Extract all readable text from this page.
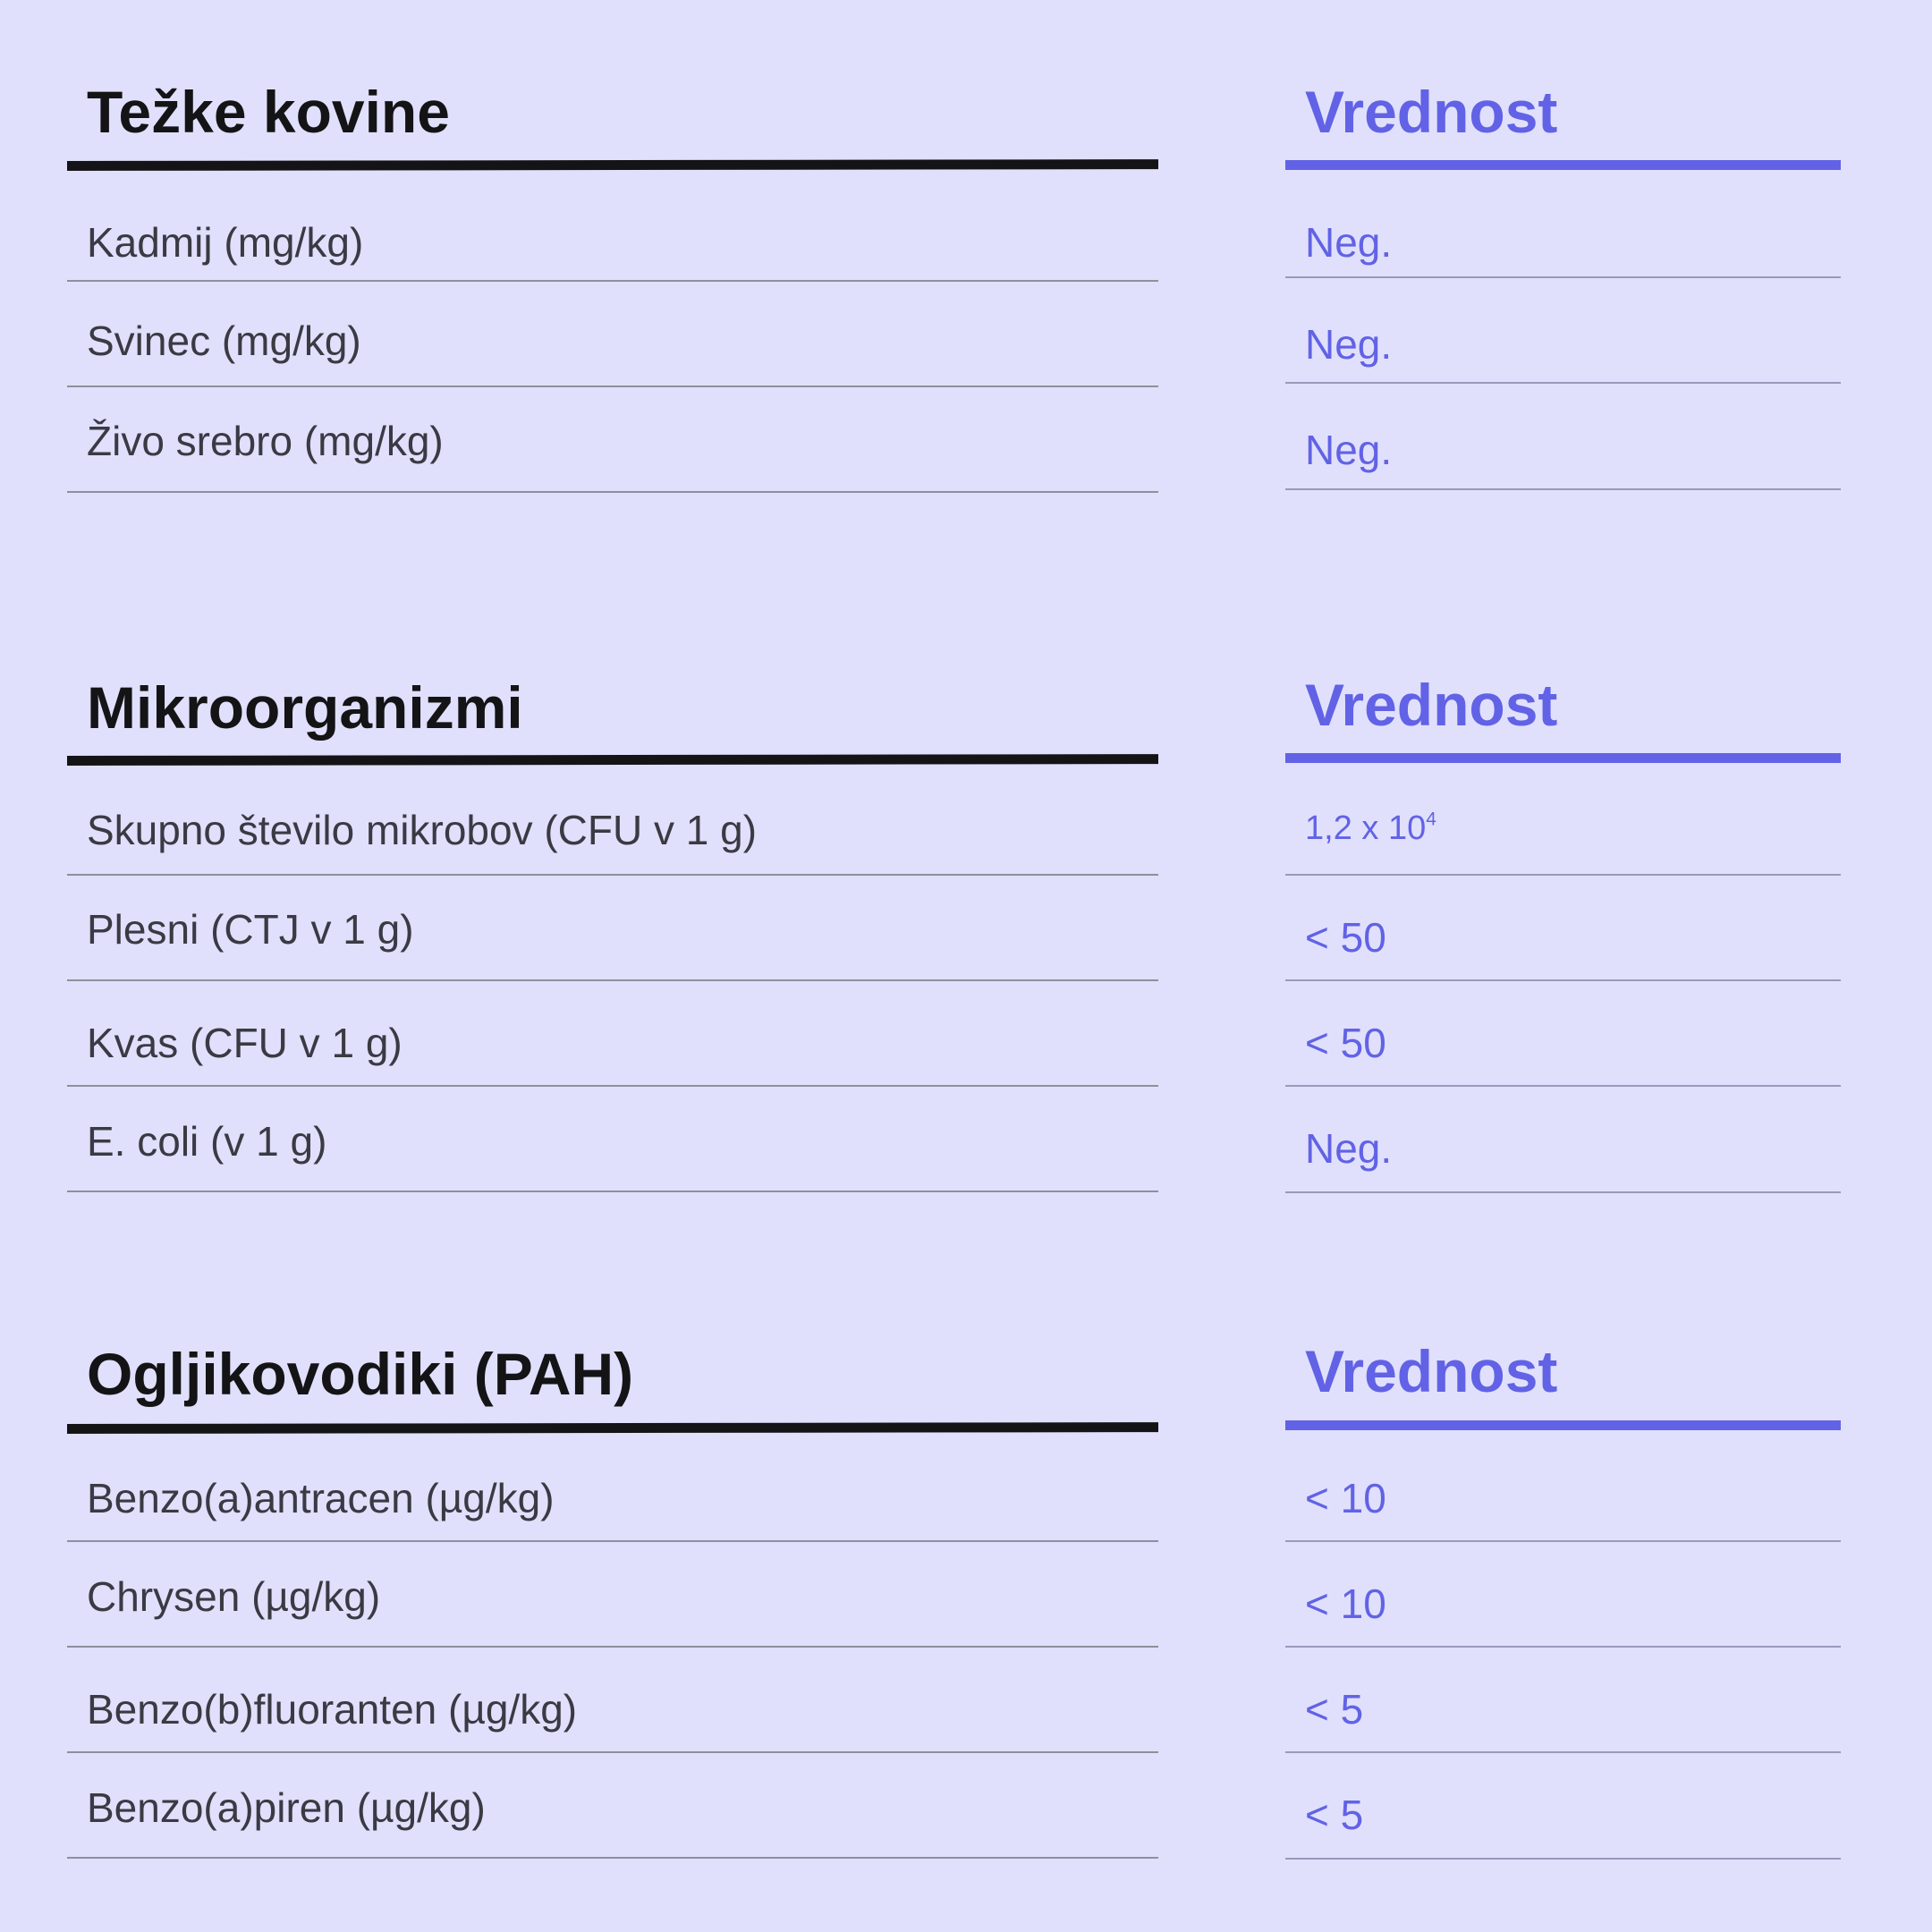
Težke kovine
Kadmij (mg/kg)
Svinec (mg/kg)
Živo srebro (mg/kg)
Vrednost
Neg.
Neg.
Neg.
Mikroorganizmi
Skupno število mikrobov (CFU v 1 g)
Plesni (CTJ v 1 g)
Kvas (CFU v 1 g)
E. coli (v 1 g)
Vrednost
1,2 x $10^4$
< 50
< 50
Neg.
Ogljikovodiki (PAH)
Benzo(a)antracen (µg/kg)
Chrysen (µg/kg)
Benzo(b)fluoranten (µg/kg)
Benzo(a)piren (µg/kg)
Vrednost
< 10
< 10
< 5
< 5
